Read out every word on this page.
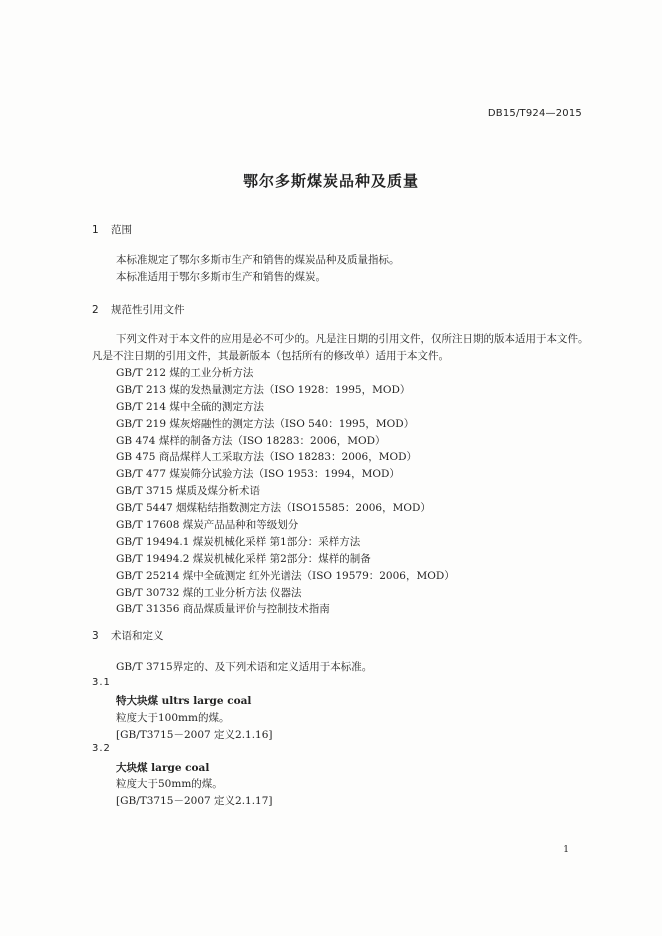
DB15/T924—2015
鄂尔多斯煤炭品种及质量
1 范围
本标准规定了鄂尔多斯市生产和销售的煤炭品种及质量指标。
本标准适用于鄂尔多斯市生产和销售的煤炭。
2 规范性引用文件
下列文件对于本文件的应用是必不可少的。凡是注日期的引用文件，仅所注日期的版本适用于本文件。凡是不注日期的引用文件，其最新版本（包括所有的修改单）适用于本文件。
GB/T 212 煤的工业分析方法
GB/T 213 煤的发热量测定方法（ISO 1928：1995，MOD）
GB/T 214 煤中全硫的测定方法
GB/T 219 煤灰熔融性的测定方法（ISO 540：1995，MOD）
GB 474 煤样的制备方法（ISO 18283：2006，MOD）
GB 475 商品煤样人工采取方法（ISO 18283：2006，MOD）
GB/T 477 煤炭筛分试验方法（ISO 1953：1994，MOD）
GB/T 3715 煤质及煤分析术语
GB/T 5447 烟煤粘结指数测定方法（ISO15585：2006，MOD）
GB/T 17608 煤炭产品品种和等级划分
GB/T 19494.1 煤炭机械化采样 第1部分：采样方法
GB/T 19494.2 煤炭机械化采样 第2部分：煤样的制备
GB/T 25214 煤中全硫测定 红外光谱法（ISO 19579：2006，MOD）
GB/T 30732 煤的工业分析方法 仪器法
GB/T 31356 商品煤质量评价与控制技术指南
3 术语和定义
GB/T 3715界定的、及下列术语和定义适用于本标准。
3.1
特大块煤 ultrs large coal
粒度大于100mm的煤。
[GB/T3715－2007 定义2.1.16]
3.2
大块煤 large coal
粒度大于50mm的煤。
[GB/T3715－2007 定义2.1.17]
1
